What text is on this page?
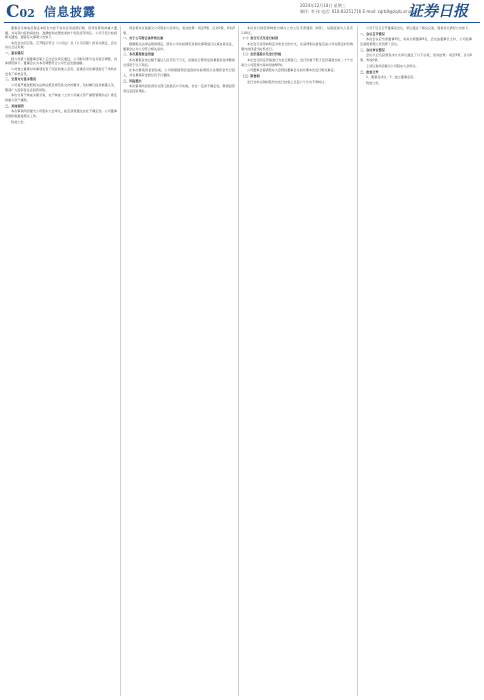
C02 信息披露	2024年12月18日 星期三
制作: 李 伟 电话: 010-83251716 E-mail: zqrb9@zqrb.sina.net
证券日报

董事会全体成员保证本报告内容不存在任何虚假记载、误导性陈述或重大遗漏，并对其内容的真实性、准确性和完整性承担个别及连带责任。公司于近日收到相关通知，现将有关事项公告如下。

本次会议的召集、召开程序符合《公司法》及《公司章程》的有关规定，会议决议合法有效。

一、基本情况

经公司第十届董事会第十五次会议审议通过，公司拟对部分业务进行调整，具体情况如下。董事会认为本次调整符合公司长远发展战略。

公司独立董事对该事项发表了同意的独立意见。监事会对该事项进行了审核并发表了审核意见。

二、交易对方基本情况

公司将严格按照相关法律法规及规范性文件的要求，及时履行信息披露义务，敬请广大投资者注意投资风险。

本次交易不构成关联交易，也不构成《上市公司重大资产重组管理办法》规定的重大资产重组。

三、其他说明

本次事项尚需提交公司股东大会审议，能否获得通过存在不确定性。公司董事会将积极推进相关工作。

特此公告。

同意将该议案提交公司股东大会审议。表决结果：同意9票，反对0票，弃权0票。

一、关于公司符合条件的议案

根据相关法律法规的规定，经对公司实际情况及相关事项进行认真自查论证，董事会认为公司符合相关条件。

二、本次募集资金用途

本次募集资金总额不超过人民币若干万元，扣除发行费用后的募集资金净额将全部用于以下项目。

在本次募集资金到位前，公司将根据项目进度的实际情况以自筹资金先行投入，并在募集资金到位后予以置换。

三、风险提示

本次事项尚需获得有关部门批准后方可实施，存在一定的不确定性，敬请投资者注意投资风险。

本次发行的股票种类为境内上市人民币普通股（A股），每股面值为人民币1.00元。

（一）发行方式及发行时间

本次发行采用向特定对象发行的方式，在获得相关批复后由公司在规定的有效期内选择适当时机发行。

（二）定价基准日及发行价格

本次发行的定价基准日为发行期首日，发行价格不低于定价基准日前二十个交易日公司股票交易均价的80%。

公司董事会提请股东大会授权董事会全权办理本次发行相关事宜。

（三）限售期

发行对象认购的股份自发行结束之日起六个月内不得转让。

公司于近日召开董事会会议，审议通过了相关议案，现将有关情况公告如下。

一、会议召开情况

本次会议应出席董事9名，实际出席董事9名，会议由董事长主持，公司监事及高级管理人员列席了会议。

二、会议审议情况

会议以记名投票表决方式审议通过了以下议案，表决结果：同意9票，反对0票，弃权0票。

上述议案尚需提交公司股东大会审议。

三、备查文件

1、董事会决议；2、独立董事意见。

特此公告。
